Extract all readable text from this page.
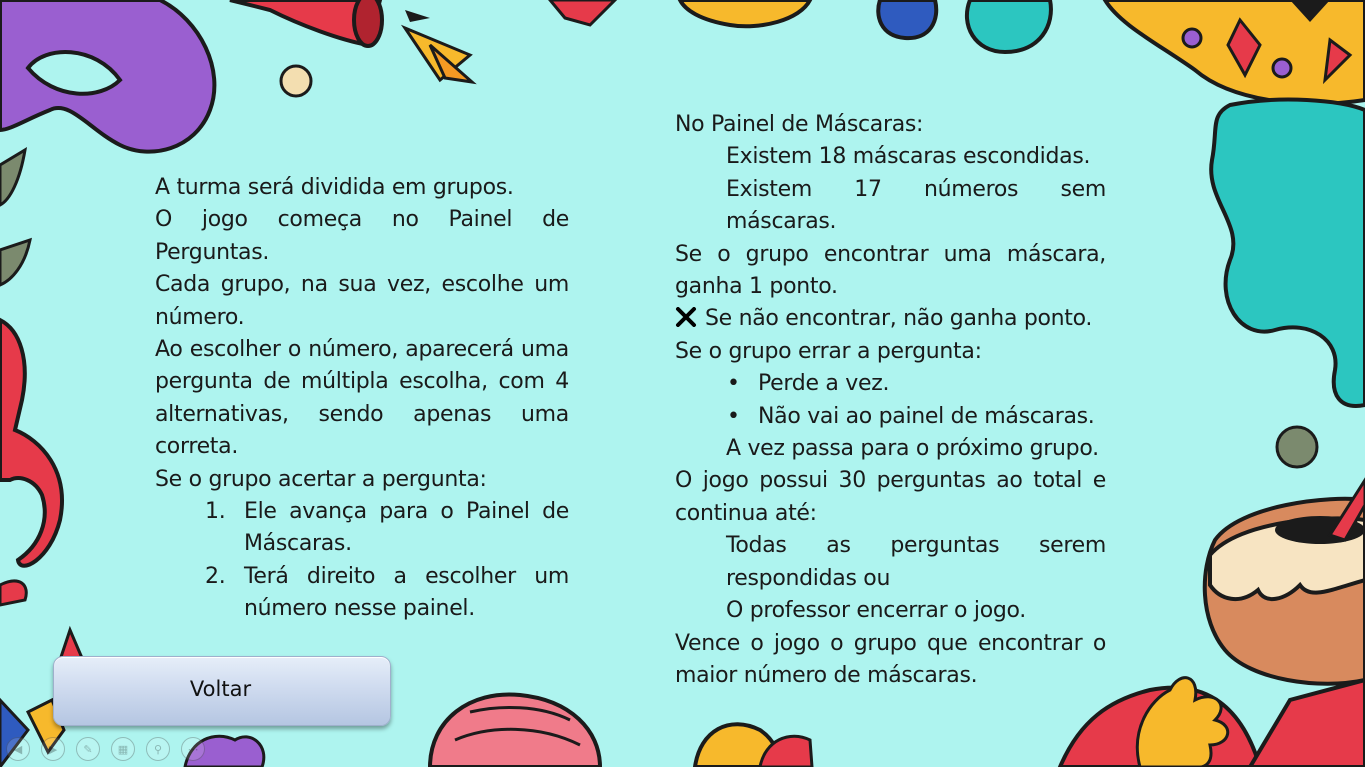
A turma será dividida em grupos.

O jogo começa no Painel de Perguntas.

Cada grupo, na sua vez, escolhe um número.

Ao escolher o número, aparecerá uma pergunta de múltipla escolha, com 4 alternativas, sendo apenas uma correta.

Se o grupo acertar a pergunta:

1. Ele avança para o Painel de Máscaras.
2. Terá direito a escolher um número nesse painel.

No Painel de Máscaras:

Existem 18 máscaras escondidas.

Existem 17 números sem máscaras.

Se o grupo encontrar uma máscara, ganha 1 ponto.

Se não encontrar, não ganha ponto.

Se o grupo errar a pergunta:

• Perde a vez.
• Não vai ao painel de máscaras.

A vez passa para o próximo grupo.

O jogo possui 30 perguntas ao total e continua até:

Todas as perguntas serem respondidas ou

O professor encerrar o jogo.

Vence o jogo o grupo que encontrar o maior número de máscaras.

Voltar
◀	▶	✎	▦	⚲	⋯
